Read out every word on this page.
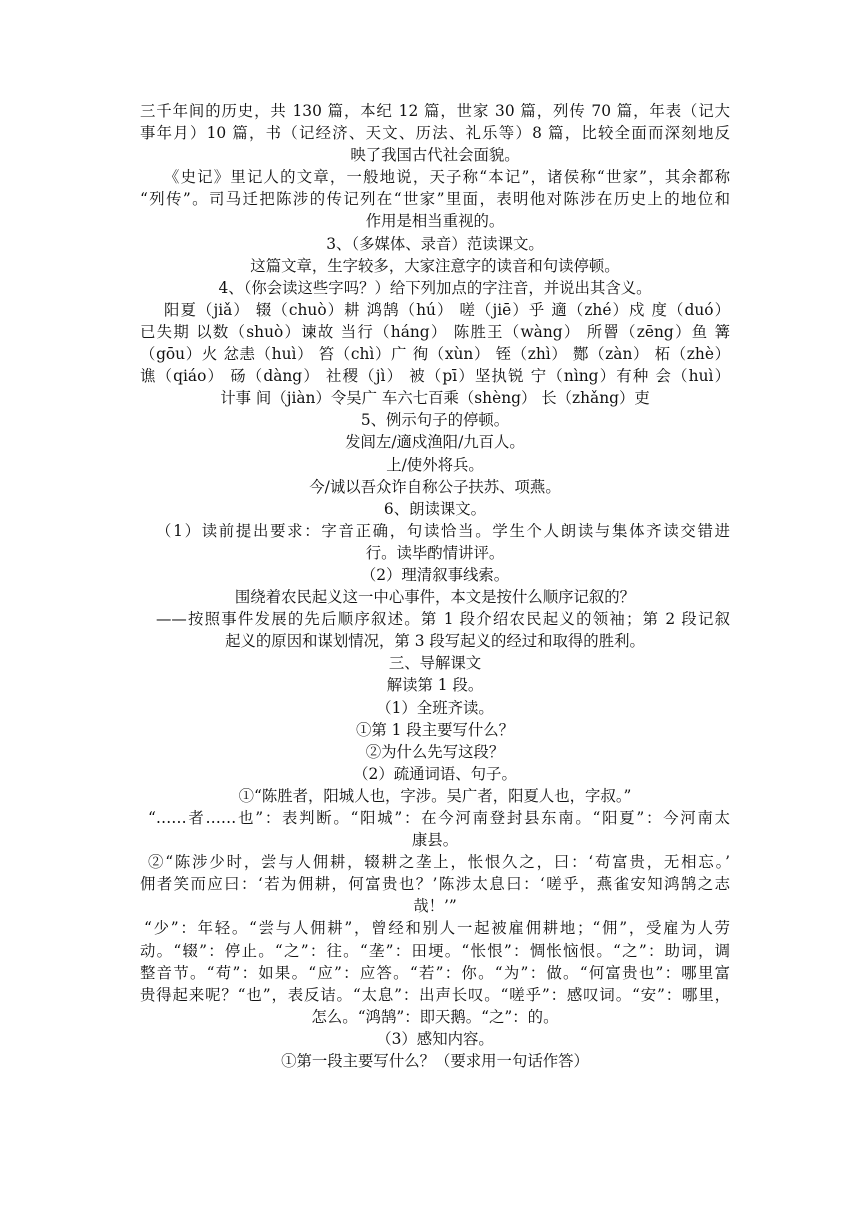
三千年间的历史，共 130 篇，本纪 12 篇，世家 30 篇，列传 70 篇，年表（记大
事年月）10 篇，书（记经济、天文、历法、礼乐等）8 篇，比较全面而深刻地反
映了我国古代社会面貌。
《史记》里记人的文章，一般地说，天子称“本记”，诸侯称“世家”，其余都称
“列传”。司马迁把陈涉的传记列在“世家”里面，表明他对陈涉在历史上的地位和
作用是相当重视的。
3、（多媒体、录音）范读课文。
这篇文章，生字较多，大家注意字的读音和句读停顿。
4、（你会读这些字吗？）给下列加点的字注音，并说出其含义。
阳夏（jiǎ） 辍（chuò）耕 鸿鹄（hú） 嗟（jiē）乎 適（zhé）戍 度（duó）
已失期 以数（shuò）谏故 当行（háng） 陈胜王（wàng） 所罾（zēng）鱼 篝
（gōu）火 忿恚（huì） 笞（chì）广 徇（xùn） 铚（zhì） 酂（zàn） 柘（zhè）
谯（qiáo） 砀（dàng） 社稷（jì） 被（pī）坚执锐 宁（nìng）有种 会（huì）
计事 间（jiàn）令吴广 车六七百乘（shèng） 长（zhǎng）吏
5、例示句子的停顿。
发闾左/適戍渔阳/九百人。
上/使外将兵。
今/诚以吾众诈自称公子扶苏、项燕。
6、朗读课文。
（1）读前提出要求：字音正确，句读恰当。学生个人朗读与集体齐读交错进
行。读毕酌情讲评。
（2）理清叙事线索。
围绕着农民起义这一中心事件，本文是按什么顺序记叙的？
——按照事件发展的先后顺序叙述。第 1 段介绍农民起义的领袖；第 2 段记叙
起义的原因和谋划情况，第 3 段写起义的经过和取得的胜利。
三、导解课文
解读第 1 段。
（1）全班齐读。
①第 1 段主要写什么？
②为什么先写这段？
（2）疏通词语、句子。
①“陈胜者，阳城人也，字涉。吴广者，阳夏人也，字叔。”
“……者……也”：表判断。“阳城”：在今河南登封县东南。“阳夏”：今河南太
康县。
②“陈涉少时，尝与人佣耕，辍耕之垄上，怅恨久之，曰：‘苟富贵，无相忘。’
佣者笑而应曰：‘若为佣耕，何富贵也？’陈涉太息曰：‘嗟乎，燕雀安知鸿鹄之志
哉！’”
“少”：年轻。“尝与人佣耕”，曾经和别人一起被雇佣耕地；“佣”，受雇为人劳
动。“辍”：停止。“之”：往。“垄”：田埂。“怅恨”：惆怅恼恨。“之”：助词，调
整音节。“苟”：如果。“应”：应答。“若”：你。“为”：做。“何富贵也”：哪里富
贵得起来呢？“也”，表反诘。“太息”：出声长叹。“嗟乎”：感叹词。“安”：哪里，
怎么。“鸿鹄”：即天鹅。“之”：的。
（3）感知内容。
①第一段主要写什么？（要求用一句话作答）
